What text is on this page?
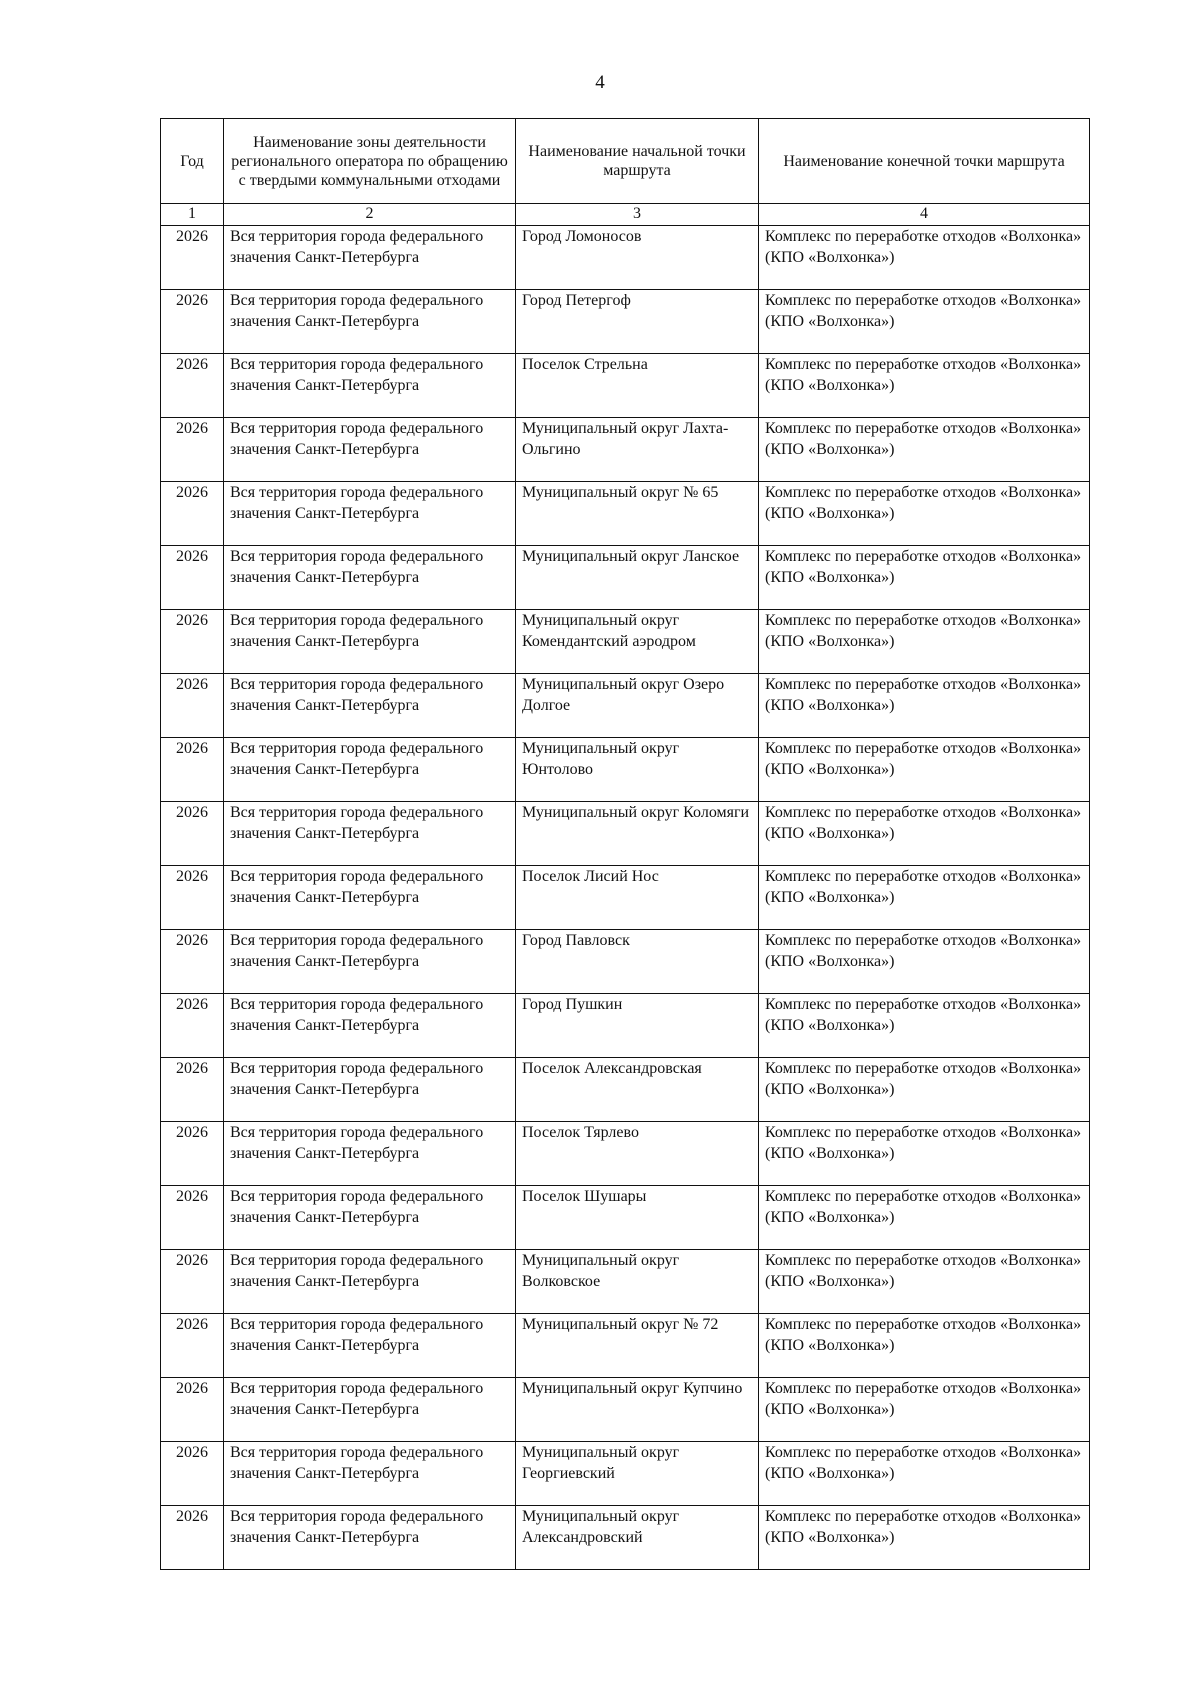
4
Год	Наименование зоны деятельности регионального оператора по обращению с твердыми коммунальными отходами	Наименование начальной точки маршрута	Наименование конечной точки маршрута
1	2	3	4
2026	Вся территория города федерального значения Санкт-Петербурга	Город Ломоносов	Комплекс по переработке отходов «Волхонка» (КПО «Волхонка»)
2026	Вся территория города федерального значения Санкт-Петербурга	Город Петергоф	Комплекс по переработке отходов «Волхонка» (КПО «Волхонка»)
2026	Вся территория города федерального значения Санкт-Петербурга	Поселок Стрельна	Комплекс по переработке отходов «Волхонка» (КПО «Волхонка»)
2026	Вся территория города федерального значения Санкт-Петербурга	Муниципальный округ Лахта-Ольгино	Комплекс по переработке отходов «Волхонка» (КПО «Волхонка»)
2026	Вся территория города федерального значения Санкт-Петербурга	Муниципальный округ № 65	Комплекс по переработке отходов «Волхонка» (КПО «Волхонка»)
2026	Вся территория города федерального значения Санкт-Петербурга	Муниципальный округ Ланское	Комплекс по переработке отходов «Волхонка» (КПО «Волхонка»)
2026	Вся территория города федерального значения Санкт-Петербурга	Муниципальный округ Комендантский аэродром	Комплекс по переработке отходов «Волхонка» (КПО «Волхонка»)
2026	Вся территория города федерального значения Санкт-Петербурга	Муниципальный округ Озеро Долгое	Комплекс по переработке отходов «Волхонка» (КПО «Волхонка»)
2026	Вся территория города федерального значения Санкт-Петербурга	Муниципальный округ Юнтолово	Комплекс по переработке отходов «Волхонка» (КПО «Волхонка»)
2026	Вся территория города федерального значения Санкт-Петербурга	Муниципальный округ Коломяги	Комплекс по переработке отходов «Волхонка» (КПО «Волхонка»)
2026	Вся территория города федерального значения Санкт-Петербурга	Поселок Лисий Нос	Комплекс по переработке отходов «Волхонка» (КПО «Волхонка»)
2026	Вся территория города федерального значения Санкт-Петербурга	Город Павловск	Комплекс по переработке отходов «Волхонка» (КПО «Волхонка»)
2026	Вся территория города федерального значения Санкт-Петербурга	Город Пушкин	Комплекс по переработке отходов «Волхонка» (КПО «Волхонка»)
2026	Вся территория города федерального значения Санкт-Петербурга	Поселок Александровская	Комплекс по переработке отходов «Волхонка» (КПО «Волхонка»)
2026	Вся территория города федерального значения Санкт-Петербурга	Поселок Тярлево	Комплекс по переработке отходов «Волхонка» (КПО «Волхонка»)
2026	Вся территория города федерального значения Санкт-Петербурга	Поселок Шушары	Комплекс по переработке отходов «Волхонка» (КПО «Волхонка»)
2026	Вся территория города федерального значения Санкт-Петербурга	Муниципальный округ Волковское	Комплекс по переработке отходов «Волхонка» (КПО «Волхонка»)
2026	Вся территория города федерального значения Санкт-Петербурга	Муниципальный округ № 72	Комплекс по переработке отходов «Волхонка» (КПО «Волхонка»)
2026	Вся территория города федерального значения Санкт-Петербурга	Муниципальный округ Купчино	Комплекс по переработке отходов «Волхонка» (КПО «Волхонка»)
2026	Вся территория города федерального значения Санкт-Петербурга	Муниципальный округ Георгиевский	Комплекс по переработке отходов «Волхонка» (КПО «Волхонка»)
2026	Вся территория города федерального значения Санкт-Петербурга	Муниципальный округ Александровский	Комплекс по переработке отходов «Волхонка» (КПО «Волхонка»)
